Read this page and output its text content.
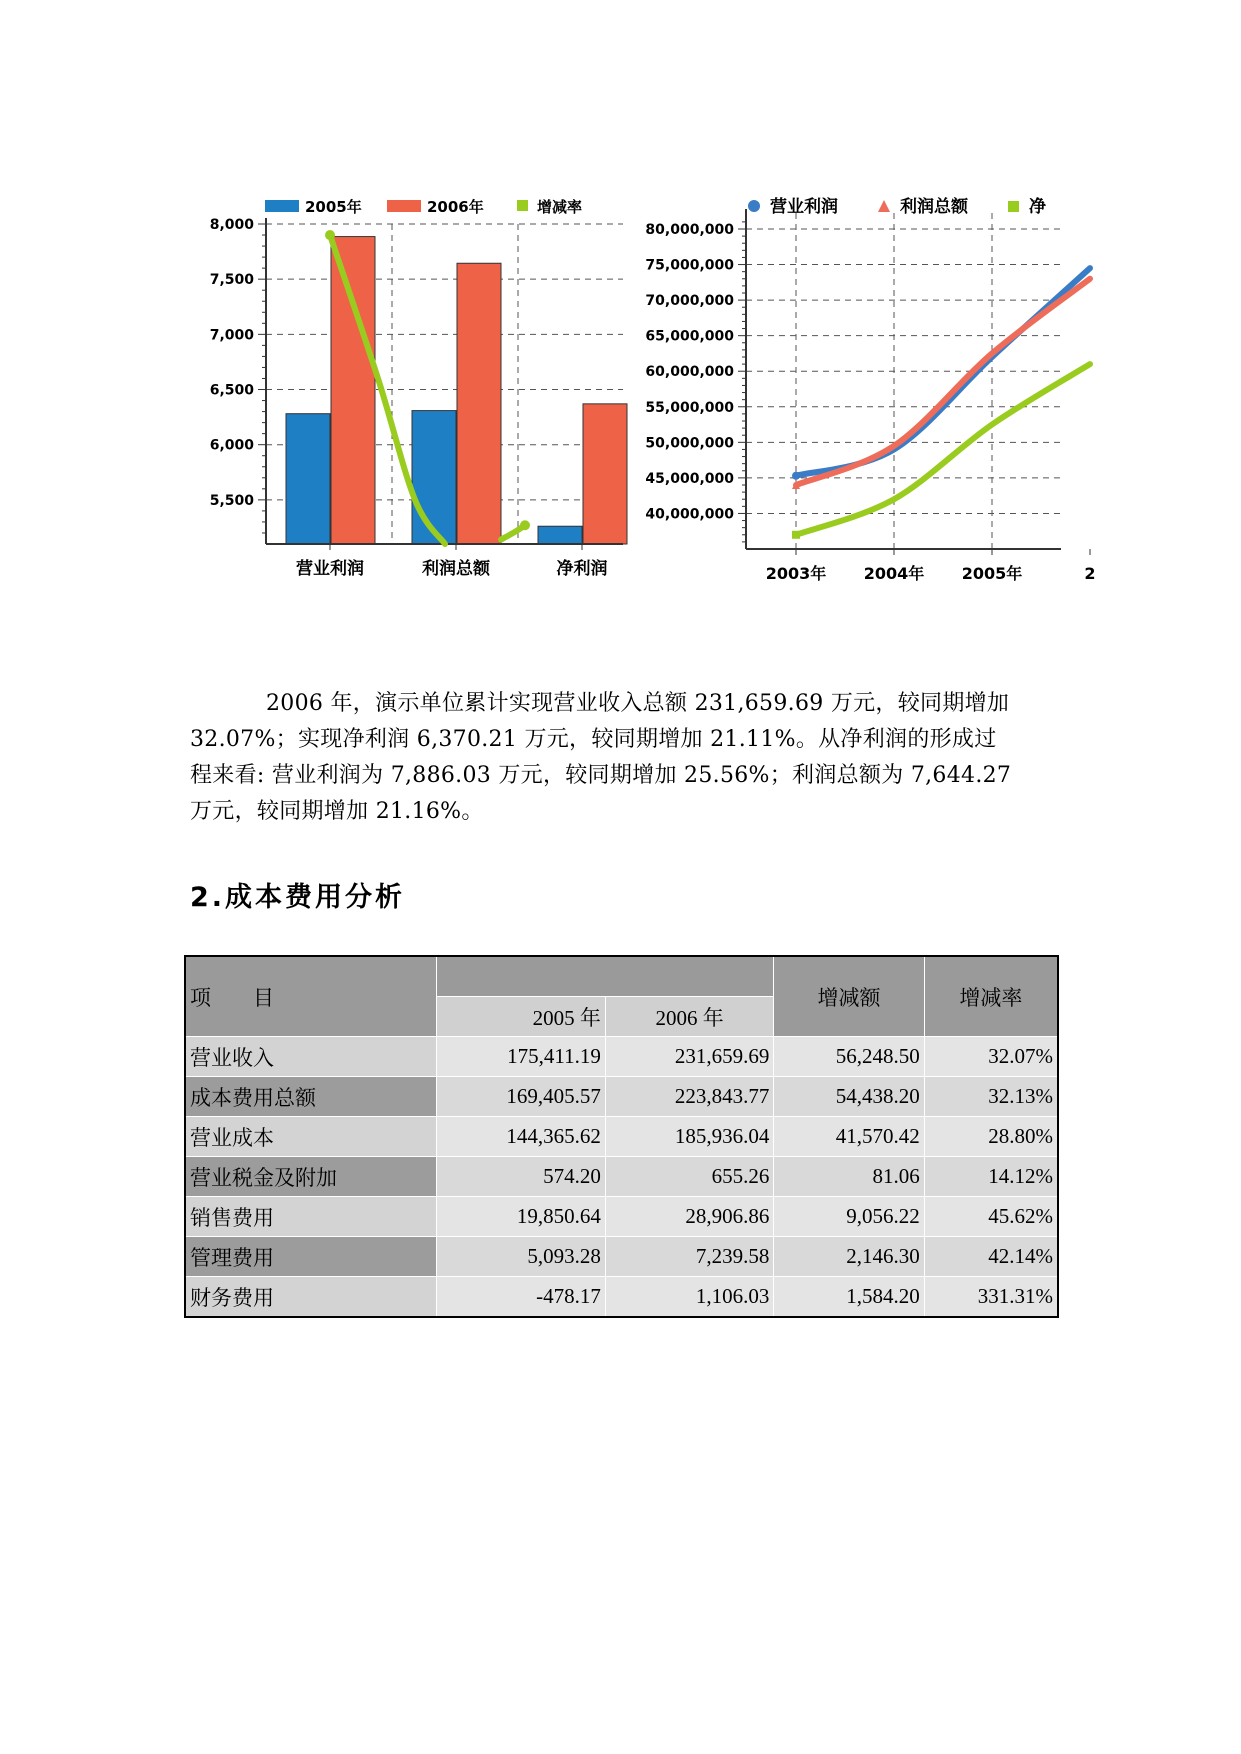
2005年	2006年	增减率
营业利润	利润总额	净利润
8,000
7,500
7,000
6,500
6,000
5,500
营业利润	利润总额	净
80,000,000
75,000,000
70,000,000
65,000,000
60,000,000
55,000,000
50,000,000
45,000,000
40,000,000
2003年 2004年 2005年	2
2006 年，演示单位累计实现营业收入总额 231,659.69 万元，较同期增加
32.07%；实现净利润 6,370.21 万元，较同期增加 21.11%。从净利润的形成过
程来看: 营业利润为 7,886.03 万元，较同期增加 25.56%；利润总额为 7,644.27
万元，较同期增加 21.16%。
2.成本费用分析
项　　目			增减额	增减率
	2005 年	2006 年		
营业收入	175,411.19	231,659.69	56,248.50	32.07%
成本费用总额	169,405.57	223,843.77	54,438.20	32.13%
营业成本	144,365.62	185,936.04	41,570.42	28.80%
营业税金及附加	574.20	655.26	81.06	14.12%
销售费用	19,850.64	28,906.86	9,056.22	45.62%
管理费用	5,093.28	7,239.58	2,146.30	42.14%
财务费用	-478.17	1,106.03	1,584.20	331.31%
